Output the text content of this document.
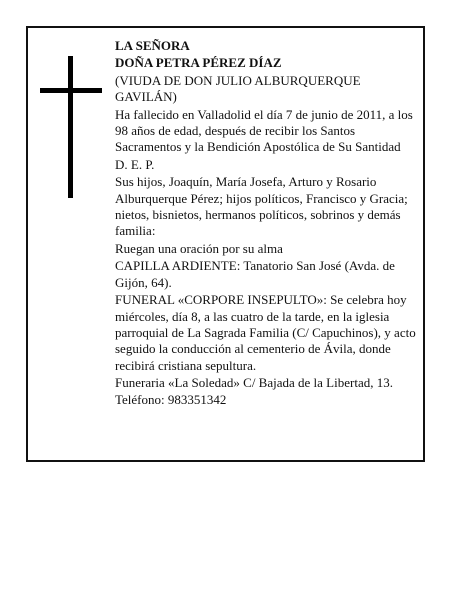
LA SEÑORA

DOÑA PETRA PÉREZ DÍAZ

(VIUDA DE DON JULIO ALBURQUERQUE GAVILÁN)

Ha fallecido en Valladolid el día 7 de junio de 2011, a los 98 años de edad, después de recibir los Santos Sacramentos y la Bendición Apostólica de Su Santidad

D. E. P.

Sus hijos, Joaquín, María Josefa, Arturo y Rosario Alburquerque Pérez; hijos políticos, Francisco y Gracia; nietos, bisnietos, hermanos políticos, sobrinos y demás familia:

Ruegan una oración por su alma

CAPILLA ARDIENTE: Tanatorio San José (Avda. de Gijón, 64).

FUNERAL «CORPORE INSEPULTO»: Se celebra hoy miércoles, día 8, a las cuatro de la tarde, en la iglesia parroquial de La Sagrada Familia (C/ Capuchinos), y acto seguido la conducción al cementerio de Ávila, donde recibirá cristiana sepultura.

Funeraria «La Soledad» C/ Bajada de la Libertad, 13. Teléfono: 983351342
